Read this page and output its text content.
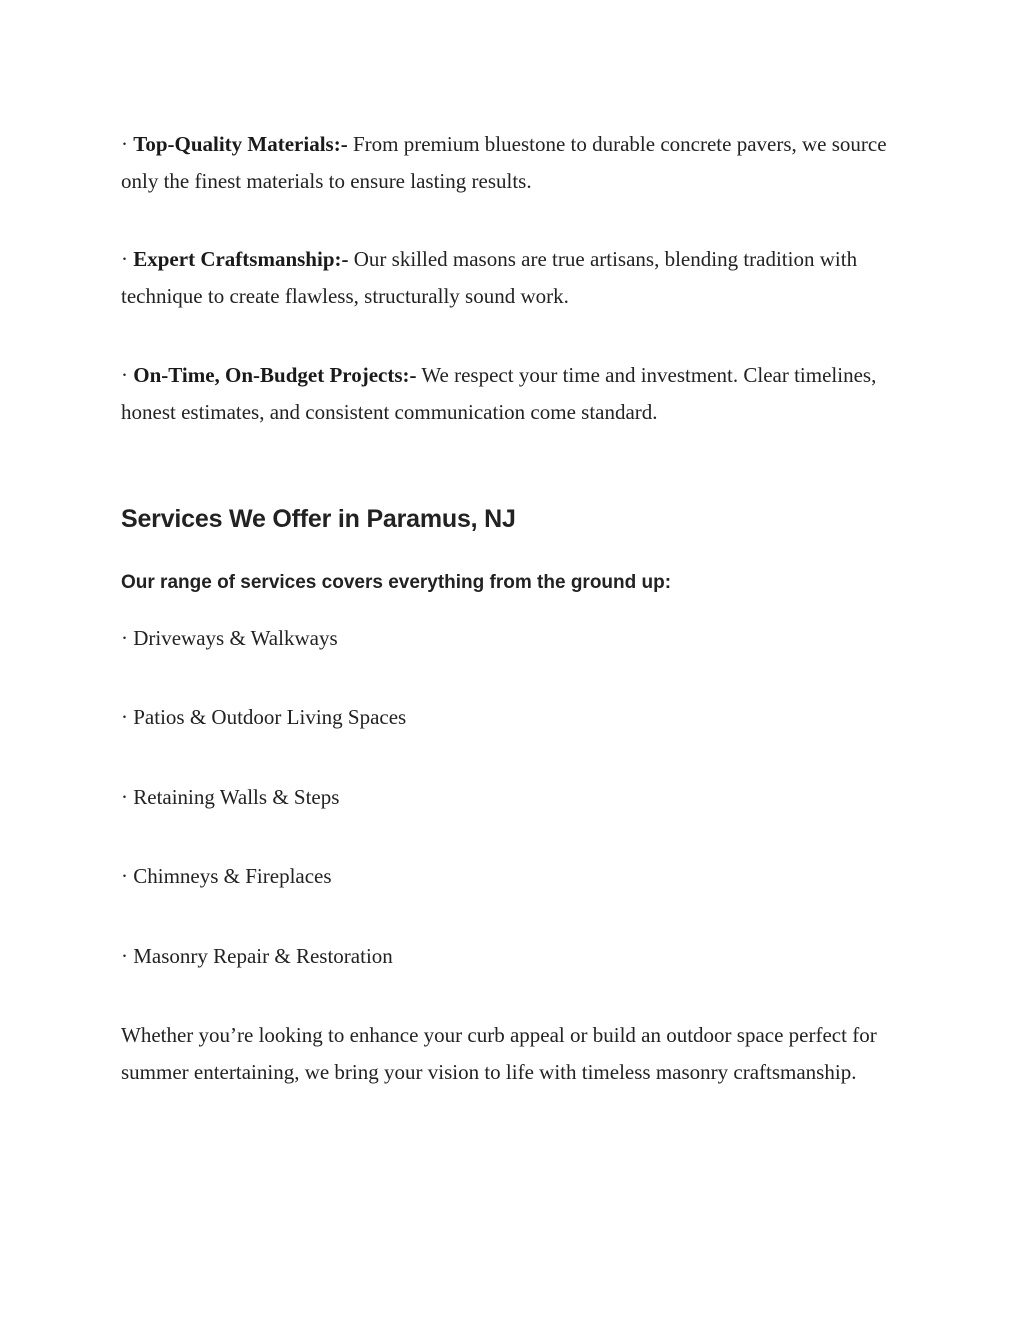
· Top-Quality Materials:- From premium bluestone to durable concrete pavers, we source only the finest materials to ensure lasting results.

· Expert Craftsmanship:- Our skilled masons are true artisans, blending tradition with technique to create flawless, structurally sound work.

· On-Time, On-Budget Projects:- We respect your time and investment. Clear timelines, honest estimates, and consistent communication come standard.

Services We Offer in Paramus, NJ
Our range of services covers everything from the ground up:

· Driveways & Walkways

· Patios & Outdoor Living Spaces

· Retaining Walls & Steps

· Chimneys & Fireplaces

· Masonry Repair & Restoration

Whether you’re looking to enhance your curb appeal or build an outdoor space perfect for summer entertaining, we bring your vision to life with timeless masonry craftsmanship.
